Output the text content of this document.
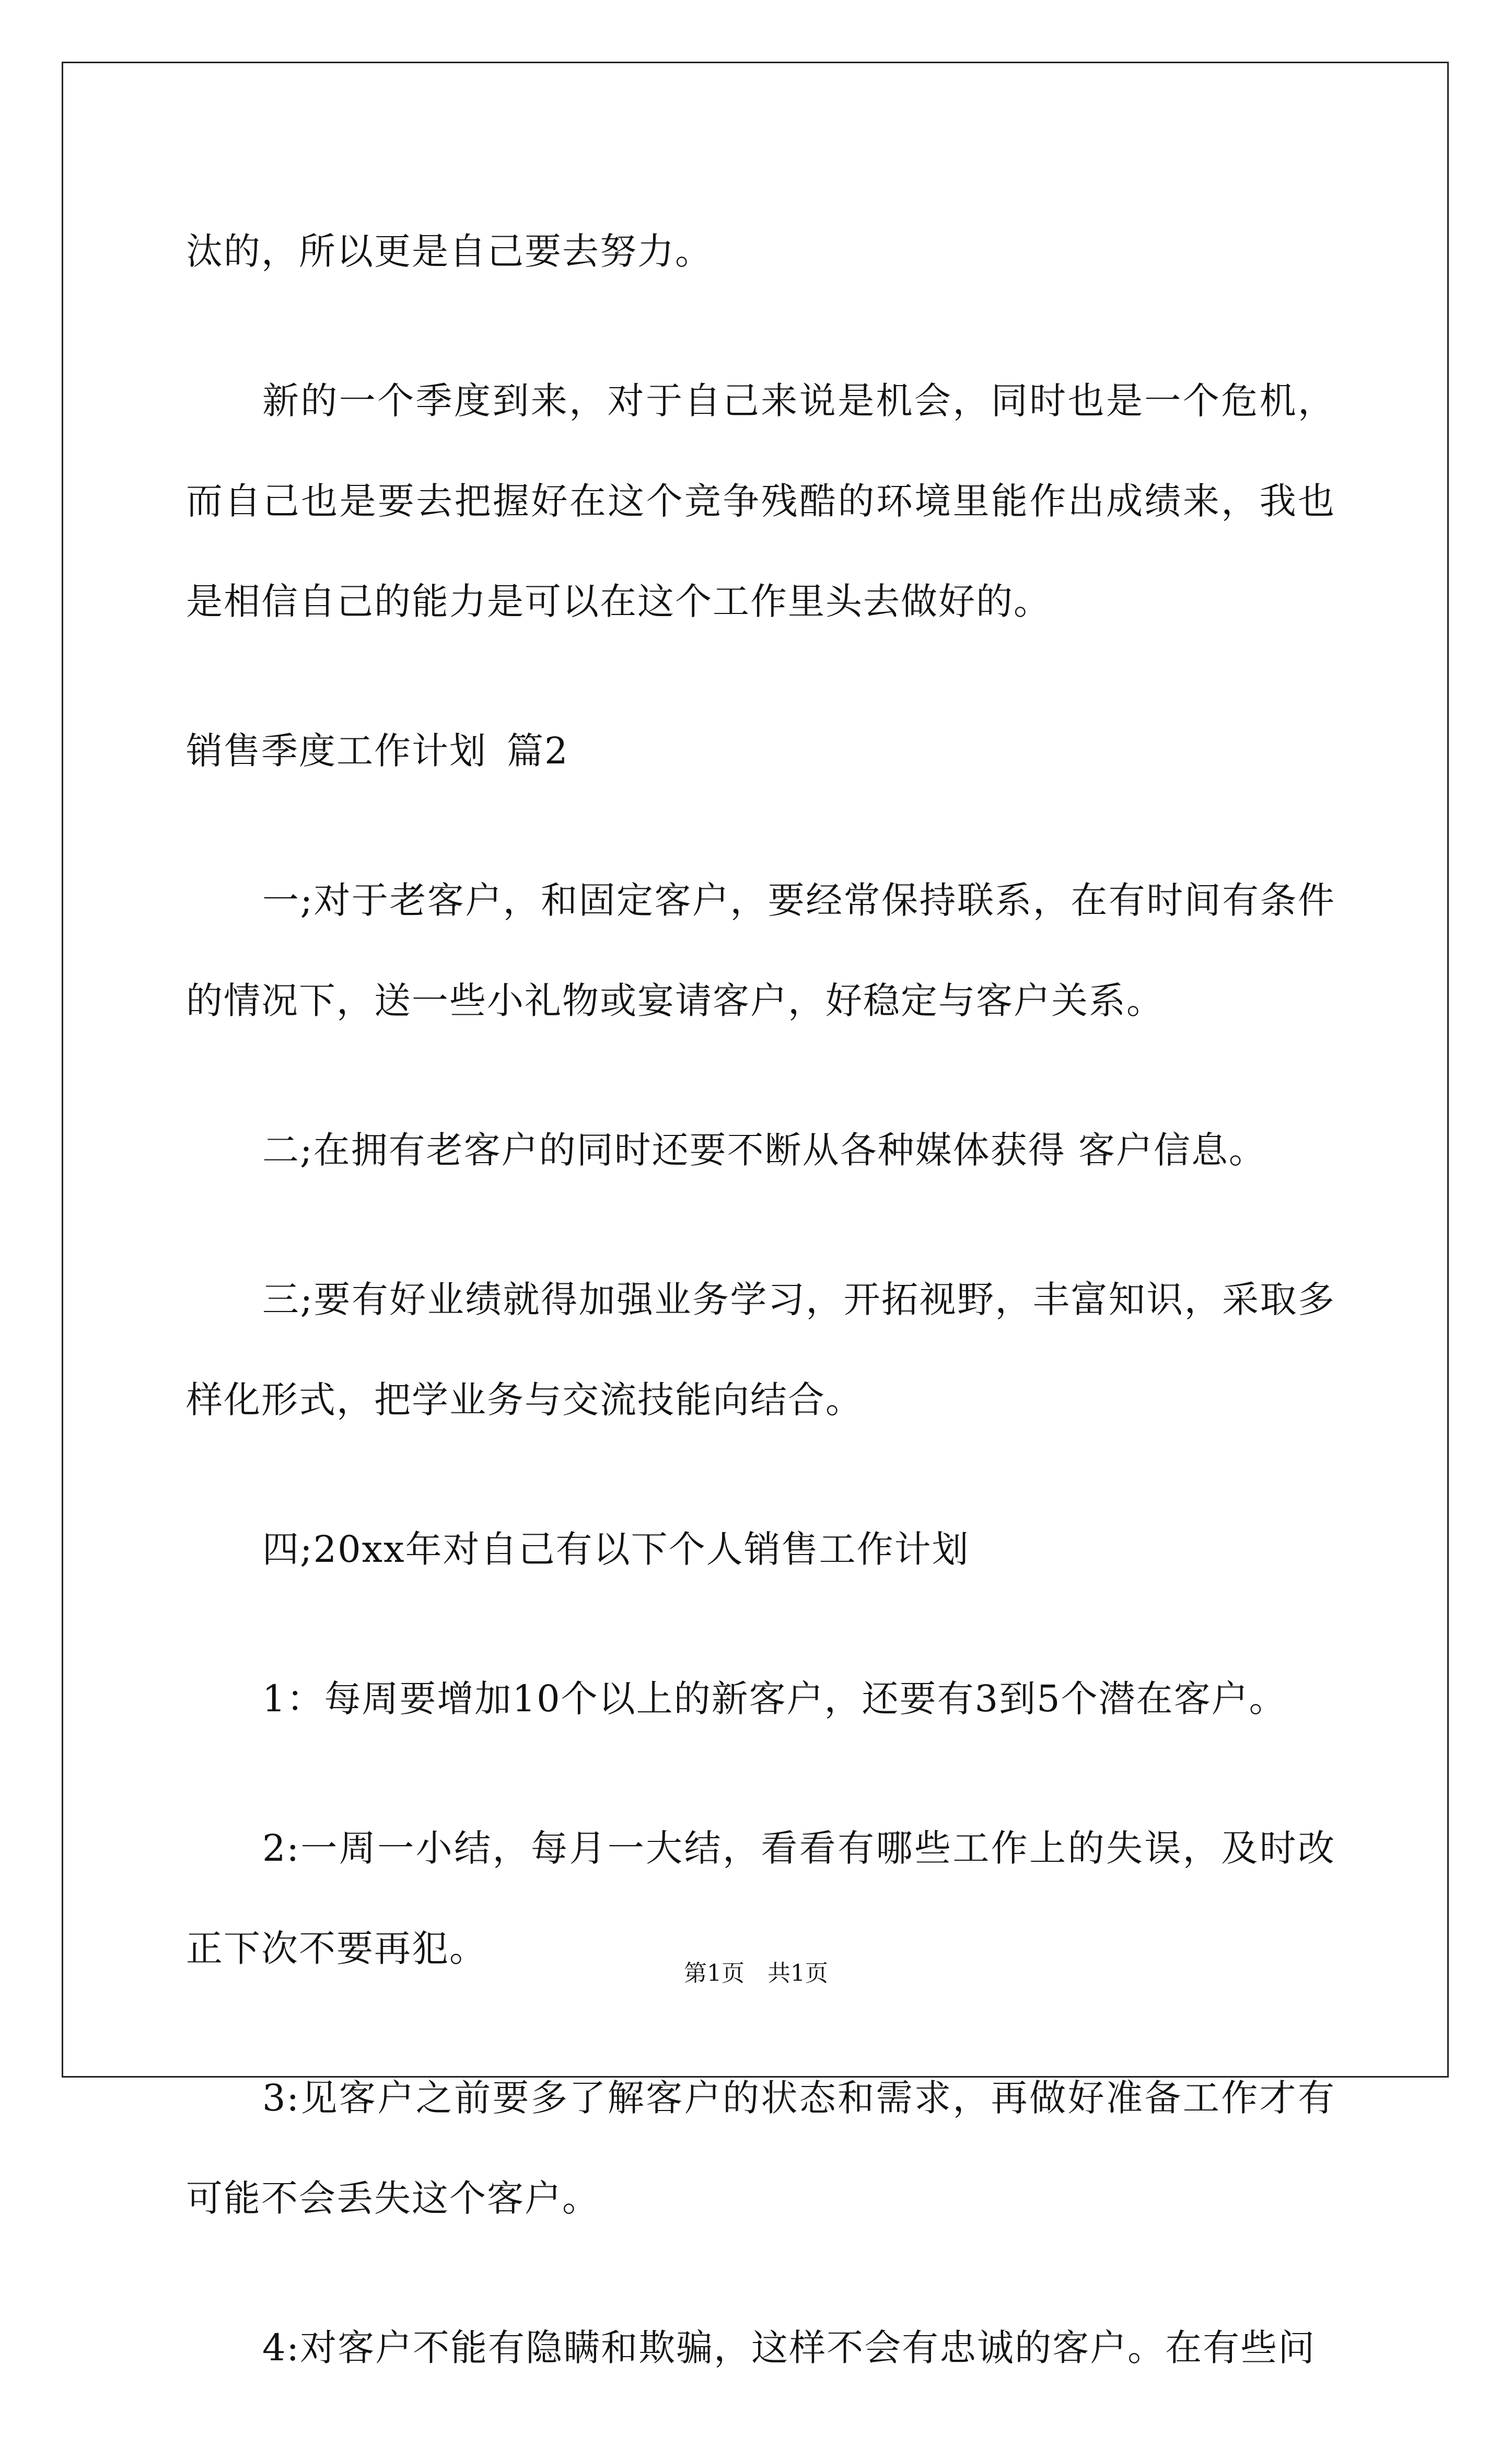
汰的，所以更是自己要去努力。

新的一个季度到来，对于自己来说是机会，同时也是一个危机，而自己也是要去把握好在这个竞争残酷的环境里能作出成绩来，我也是相信自己的能力是可以在这个工作里头去做好的。

销售季度工作计划 篇2

一;对于老客户，和固定客户，要经常保持联系，在有时间有条件的情况下，送一些小礼物或宴请客户，好稳定与客户关系。

二;在拥有老客户的同时还要不断从各种媒体获得 客户信息。

三;要有好业绩就得加强业务学习，开拓视野，丰富知识，采取多样化形式，把学业务与交流技能向结合。

四;20xx年对自己有以下个人销售工作计划

1：每周要增加10个以上的新客户，还要有3到5个潜在客户。

2:一周一小结，每月一大结，看看有哪些工作上的失误，及时改正下次不要再犯。

3:见客户之前要多了解客户的状态和需求，再做好准备工作才有可能不会丢失这个客户。

4:对客户不能有隐瞒和欺骗，这样不会有忠诚的客户。在有些问

第1页 共1页
